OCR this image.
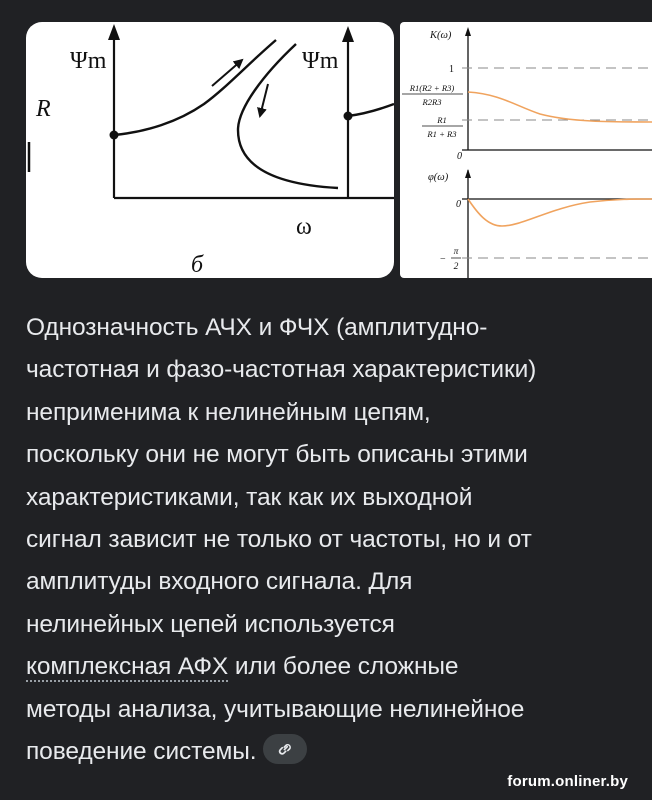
R
Ψm	Ψm
ω
б
K(ω)
1
R1(R2 + R3)
R2R3
R1
R1 + R3
0
φ(ω)
0
−
π
2

Однозначность АЧХ и ФЧХ (амплитудно-
частотная и фазо-частотная характеристики)
неприменима к нелинейным цепям,
поскольку они не могут быть описаны этими
характеристиками, так как их выходной
сигнал зависит не только от частоты, но и от
амплитуды входного сигнала. Для
нелинейных цепей используется
комплексная АФХ или более сложные
методы анализа, учитывающие нелинейное
поведение системы.

forum.onliner.by
